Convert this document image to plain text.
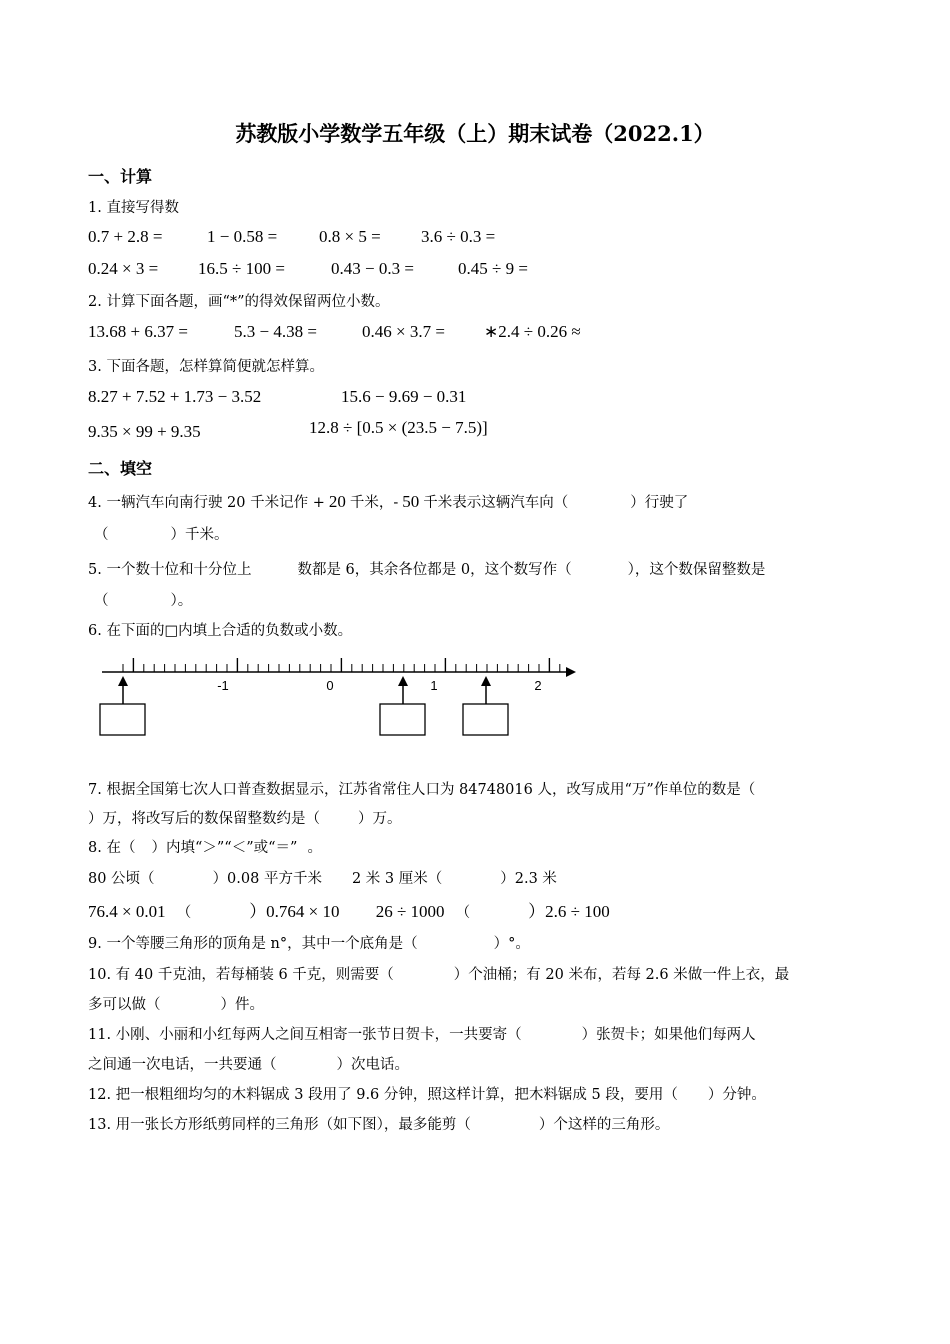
苏教版小学数学五年级（上）期末试卷（2022.1）
一、计算
1. 直接写得数
0.7 + 2.8 =	1 − 0.58 = 0.8 × 5 = 3.6 ÷ 0.3 =
0.24 × 3 = 16.5 ÷ 100 =	0.43 − 0.3 =	0.45 ÷ 9 =
2. 计算下面各题，画“*”的得效保留两位小数。
13.68 + 6.37 =	5.3 − 4.38 =	0.46 × 3.7 = ∗2.4 ÷ 0.26 ≈
3. 下面各题，怎样算简便就怎样算。
8.27 + 7.52 + 1.73 − 3.52	15.6 − 9.69 − 0.31
9.35 × 99 + 9.35	12.8 ÷ [0.5 × (23.5 − 7.5)]
二、填空
4. 一辆汽车向南行驶 20 千米记作 + 20 千米，- 50 千米表示这辆汽车向（	）行驶了
（	）千米。
5. 一个数十位和十分位上	数都是 6，其余各位都是 0，这个数写作（	），这个数保留整数是
（	）。
6. 在下面的□内填上合适的负数或小数。
-1	0	1	2
7. 根据全国第七次人口普查数据显示，江苏省常住人口为 84748016 人，改写成用“万”作单位的数是（
）万，将改写后的数保留整数约是（	）万。
8. 在（ ）内填“＞”“＜”或“＝” 。
80 公顷（	）0.08 平方千米 2 米 3 厘米（	）2.3 米
76.4 × 0.01 （	）0.764 × 10 26 ÷ 1000 （	）2.6 ÷ 100
9. 一个等腰三角形的顶角是 n°，其中一个底角是（	）°。
10. 有 40 千克油，若每桶装 6 千克，则需要（	）个油桶；有 20 米布，若每 2.6 米做一件上衣，最
多可以做（	）件。
11. 小刚、小丽和小红每两人之间互相寄一张节日贺卡，一共要寄（	）张贺卡；如果他们每两人
之间通一次电话，一共要通（	）次电话。
12. 把一根粗细均匀的木料锯成 3 段用了 9.6 分钟，照这样计算，把木料锯成 5 段，要用（ ）分钟。
13. 用一张长方形纸剪同样的三角形（如下图），最多能剪（	）个这样的三角形。
